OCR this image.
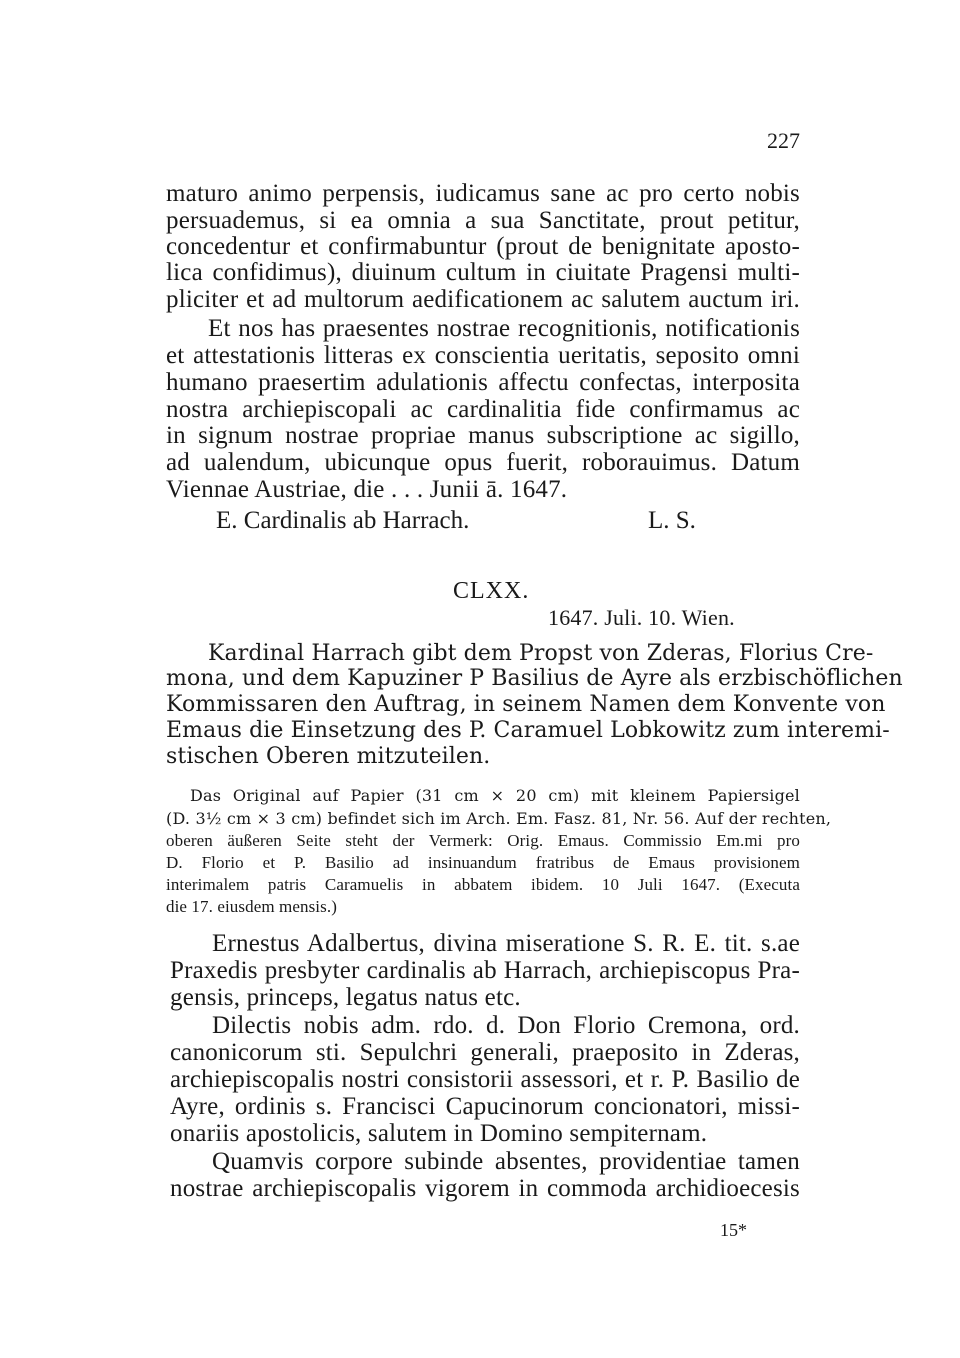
227
maturo animo perpensis, iudicamus sane ac pro certo nobis
persuademus, si ea omnia a sua Sanctitate, prout petitur,
concedentur et confirmabuntur (prout de benignitate aposto-
lica confidimus), diuinum cultum in ciuitate Pragensi multi-
pliciter et ad multorum aedificationem ac salutem auctum iri.
Et nos has praesentes nostrae recognitionis, notificationis
et attestationis litteras ex conscientia ueritatis, seposito omni
humano praesertim adulationis affectu confectas, interposita
nostra archiepiscopali ac cardinalitia fide confirmamus ac
in signum nostrae propriae manus subscriptione ac sigillo,
ad ualendum, ubicunque opus fuerit, roborauimus. Datum
Viennae Austriae, die . . . Junii ā. 1647.
E. Cardinalis ab Harrach.	L. S.
CLXX.
1647. Juli. 10. Wien.
Kardinal Harrach gibt dem Propst von Zderas, Florius Cre-
mona, und dem Kapuziner P Basilius de Ayre als erzbischöflichen
Kommissaren den Auftrag, in seinem Namen dem Konvente von
Emaus die Einsetzung des P. Caramuel Lobkowitz zum interemi-
stischen Oberen mitzuteilen.
Das Original auf Papier (31 cm × 20 cm) mit kleinem Papiersigel
(D. 3½ cm × 3 cm) befindet sich im Arch. Em. Fasz. 81, Nr. 56. Auf der rechten,
oberen äußeren Seite steht der Vermerk: Orig. Emaus. Commissio Em.mi pro
D. Florio et P. Basilio ad insinuandum fratribus de Emaus provisionem
interimalem patris Caramuelis in abbatem ibidem. 10 Juli 1647. (Executa
die 17. eiusdem mensis.)
Ernestus Adalbertus, divina miseratione S. R. E. tit. s.ae
Praxedis presbyter cardinalis ab Harrach, archiepiscopus Pra-
gensis, princeps, legatus natus etc.
Dilectis nobis adm. rdo. d. Don Florio Cremona, ord.
canonicorum sti. Sepulchri generali, praeposito in Zderas,
archiepiscopalis nostri consistorii assessori, et r. P. Basilio de
Ayre, ordinis s. Francisci Capucinorum concionatori, missi-
onariis apostolicis, salutem in Domino sempiternam.
Quamvis corpore subinde absentes, providentiae tamen
nostrae archiepiscopalis vigorem in commoda archidioecesis
15*
